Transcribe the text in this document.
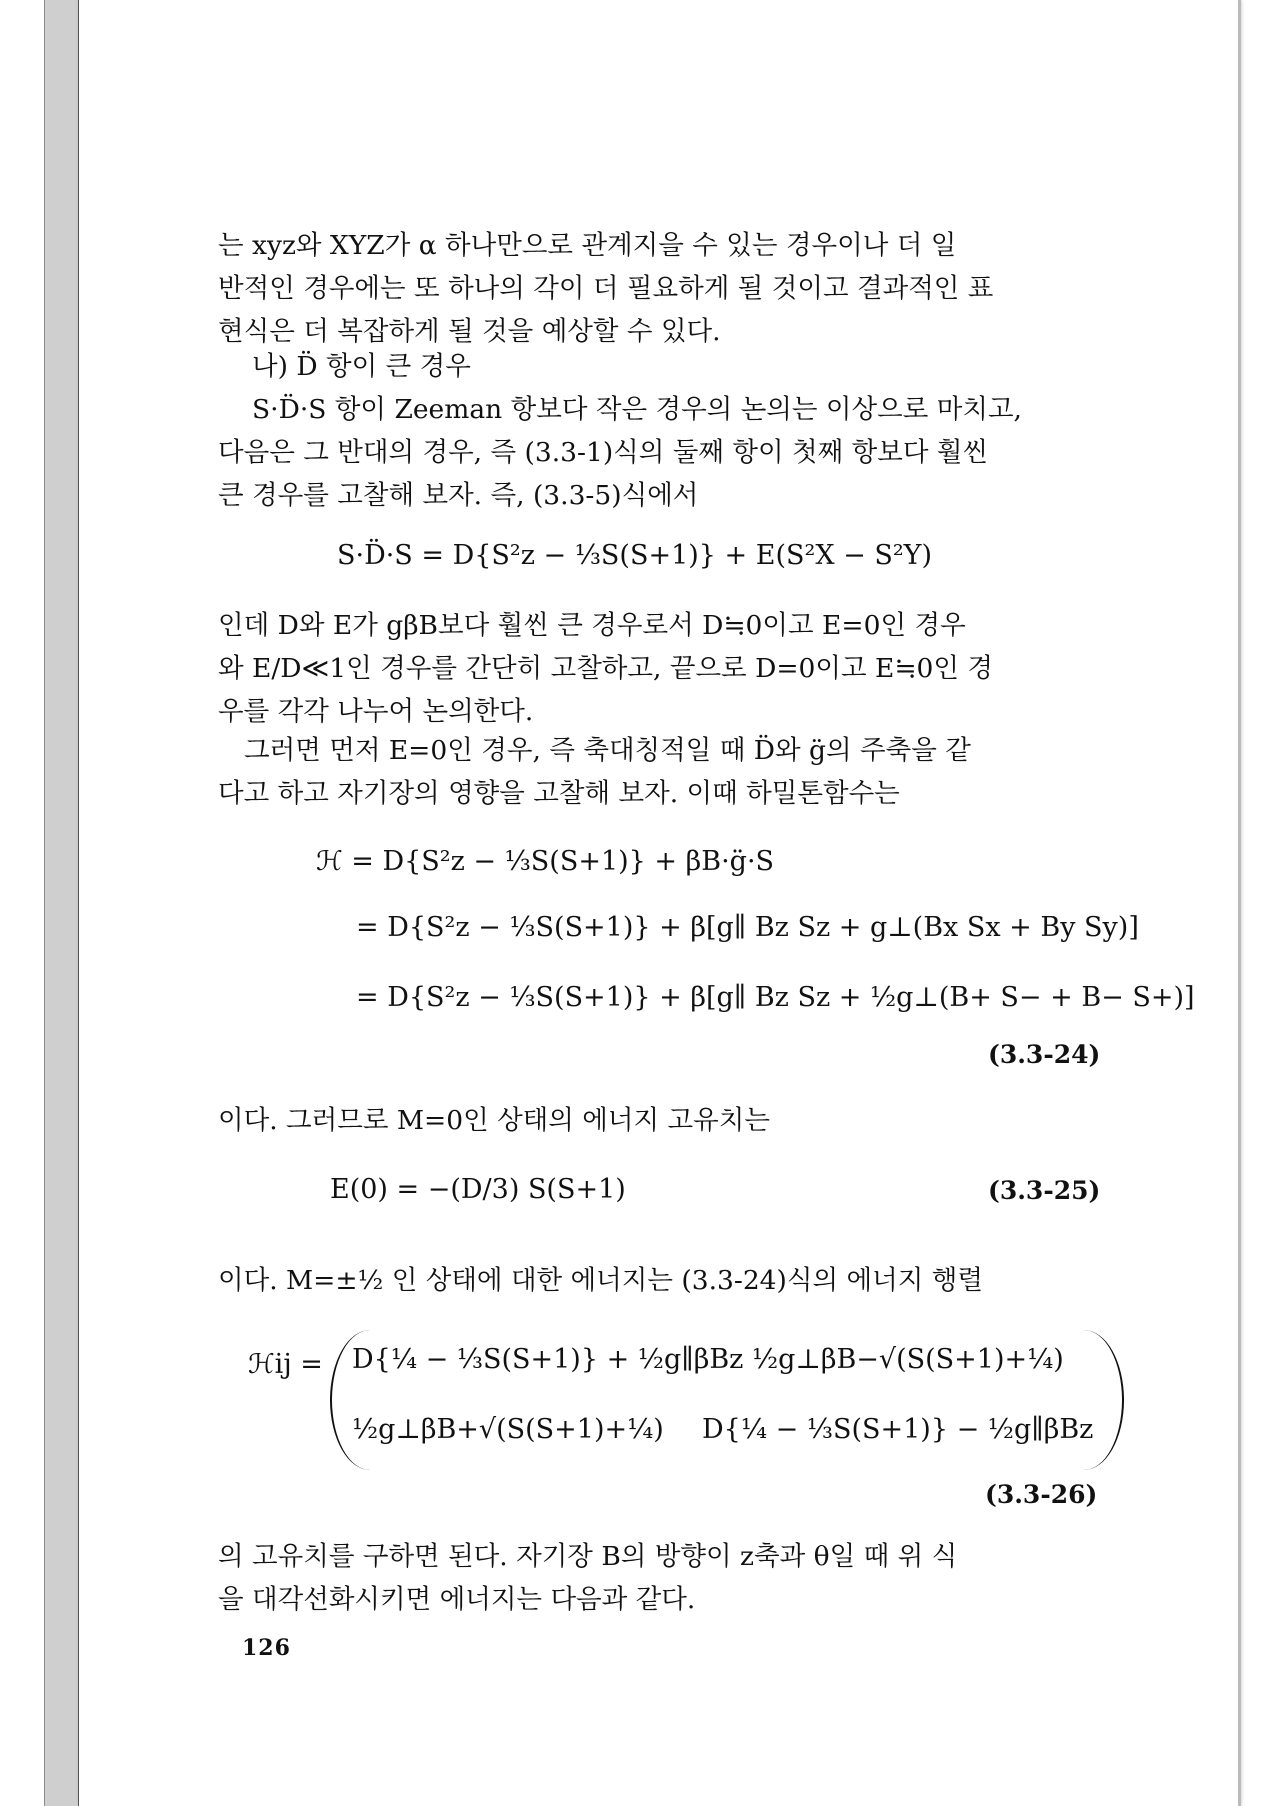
는 xyz와 XYZ가 α 하나만으로 관계지을 수 있는 경우이나 더 일
반적인 경우에는 또 하나의 각이 더 필요하게 될 것이고 결과적인 표
현식은 더 복잡하게 될 것을 예상할 수 있다.
나) D̈ 항이 큰 경우
S·D̈·S 항이 Zeeman 항보다 작은 경우의 논의는 이상으로 마치고,
다음은 그 반대의 경우, 즉 (3.3-1)식의 둘째 항이 첫째 항보다 훨씬
큰 경우를 고찰해 보자. 즉, (3.3-5)식에서
S·D̈·S = D{S²z − ⅓S(S+1)} + E(S²X − S²Y)
인데 D와 E가 gβB보다 훨씬 큰 경우로서 D≒0이고 E=0인 경우
와 E/D≪1인 경우를 간단히 고찰하고, 끝으로 D=0이고 E≒0인 경
우를 각각 나누어 논의한다.
그러면 먼저 E=0인 경우, 즉 축대칭적일 때 D̈와 g̈의 주축을 같
다고 하고 자기장의 영향을 고찰해 보자. 이때 하밀톤함수는
ℋ = D{S²z − ⅓S(S+1)} + βB·g̈·S
= D{S²z − ⅓S(S+1)} + β[g∥ Bz Sz + g⊥(Bx Sx + By Sy)]
= D{S²z − ⅓S(S+1)} + β[g∥ Bz Sz + ½g⊥(B+ S− + B− S+)]
(3.3-24)
이다. 그러므로 M=0인 상태의 에너지 고유치는
E(0) = −(D/3) S(S+1)	(3.3-25)
이다. M=±½ 인 상태에 대한 에너지는 (3.3-24)식의 에너지 행렬
ℋij = D{¼ − ⅓S(S+1)} + ½g∥βBz ½g⊥βB−√(S(S+1)+¼)
½g⊥βB+√(S(S+1)+¼) D{¼ − ⅓S(S+1)} − ½g∥βBz
(3.3-26)
의 고유치를 구하면 된다. 자기장 B의 방향이 z축과 θ일 때 위 식
을 대각선화시키면 에너지는 다음과 같다.
126
